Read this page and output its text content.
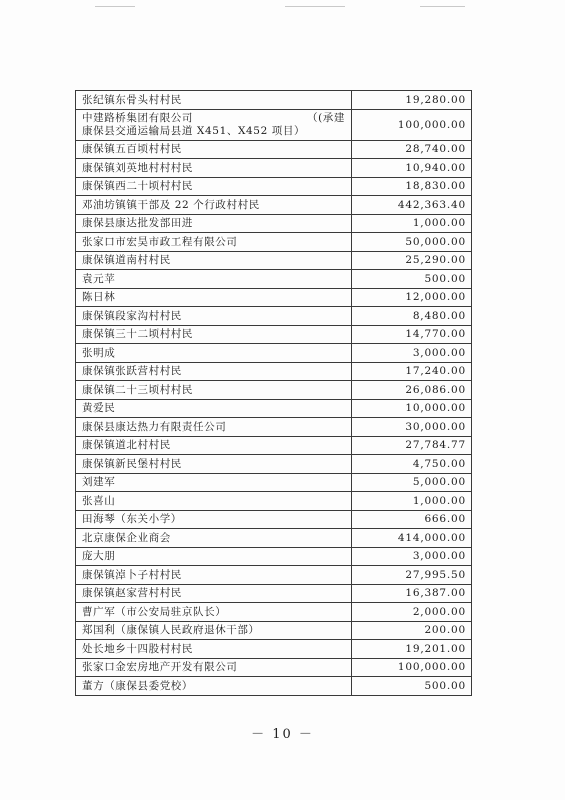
张纪镇东骨头村村民	19,280.00

中建路桥集团有限公司 （(承建
康保县交通运输局县道 X451、X452 项目）	100,000.00
康保镇五百顷村村民	28,740.00
康保镇刘英地村村村民	10,940.00
康保镇西二十顷村村民	18,830.00
邓油坊镇镇干部及 22 个行政村村民	442,363.40
康保县康达批发部田进	1,000.00
张家口市宏昊市政工程有限公司	50,000.00
康保镇道南村村民	25,290.00
袁元苹	500.00
陈日林	12,000.00
康保镇段家沟村村民	8,480.00
康保镇三十二顷村村民	14,770.00
张明成	3,000.00
康保镇张跃营村村民	17,240.00
康保镇二十三顷村村民	26,086.00
黄爱民	10,000.00
康保县康达热力有限责任公司	30,000.00
康保镇道北村村民	27,784.77
康保镇新民堡村村民	4,750.00
刘建军	5,000.00
张喜山	1,000.00
田海琴（东关小学）	666.00
北京康保企业商会	414,000.00
庞大朋	3,000.00
康保镇淖卜子村村民	27,995.50
康保镇赵家营村村民	16,387.00
曹广军（市公安局驻京队长）	2,000.00
郑国利（康保镇人民政府退休干部）	200.00
处长地乡十四股村村民	19,201.00
张家口金宏房地产开发有限公司	100,000.00
董方（康保县委党校）	500.00
－ 10 －
